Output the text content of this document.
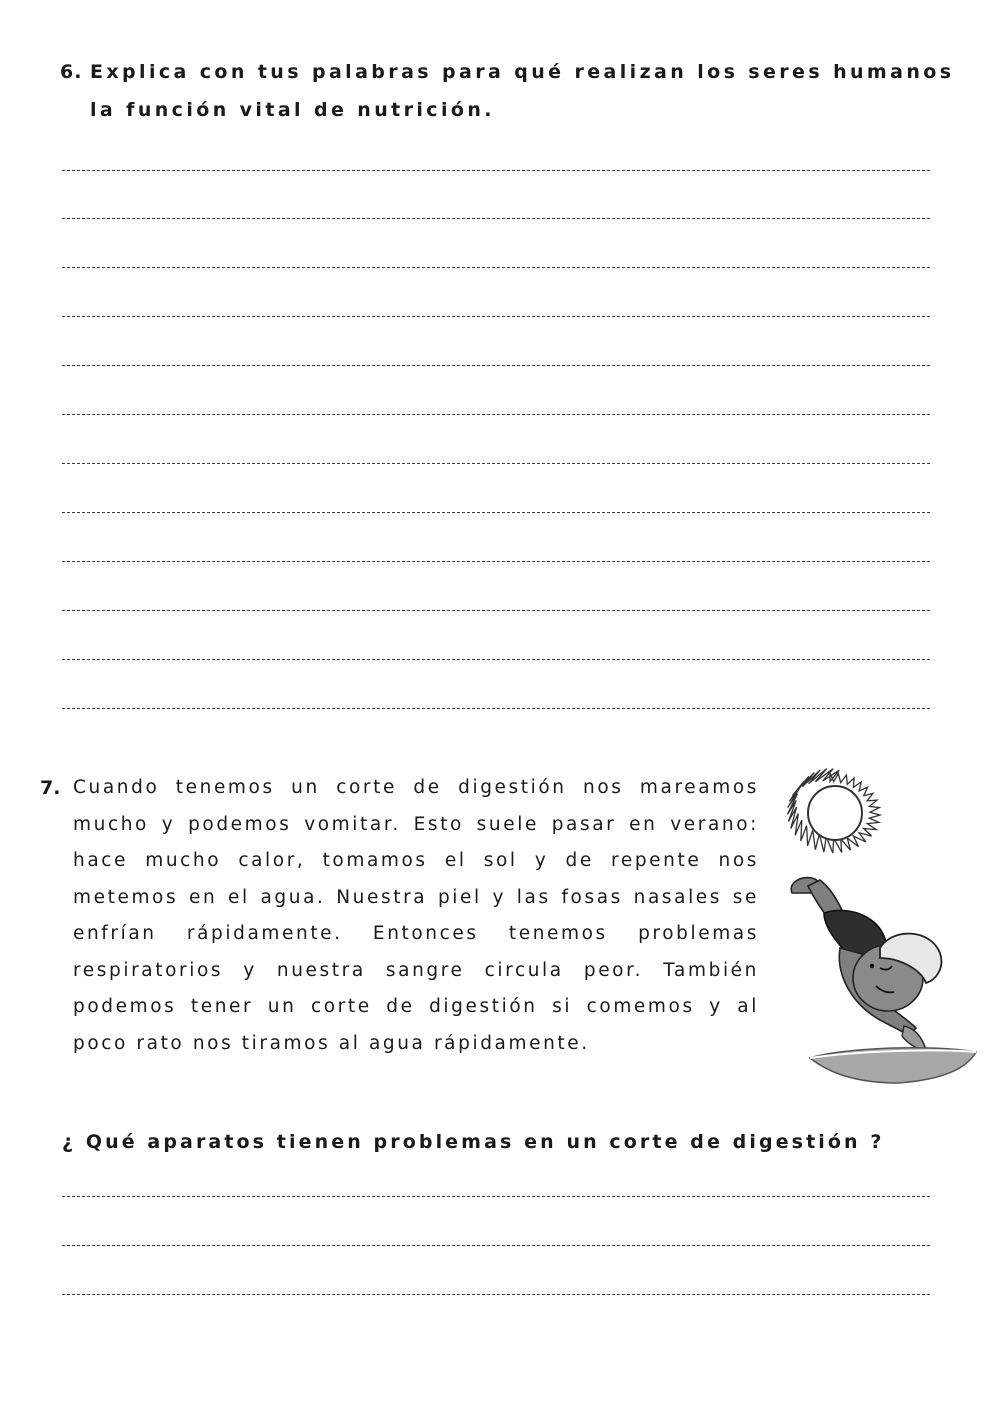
6. Explica con tus palabras para qué realizan los seres humanos
la función vital de nutrición.
7. Cuando tenemos un corte de digestión nos mareamos mucho y podemos vomitar. Esto suele pasar en verano: hace mucho calor, tomamos el sol y de repente nos metemos en el agua. Nuestra piel y las fosas nasales se enfrían rápidamente. Entonces tenemos problemas respiratorios y nuestra sangre circula peor. También podemos tener un corte de digestión si comemos y al poco rato nos tiramos al agua rápidamente.

¿ Qué aparatos tienen problemas en un corte de digestión ?
